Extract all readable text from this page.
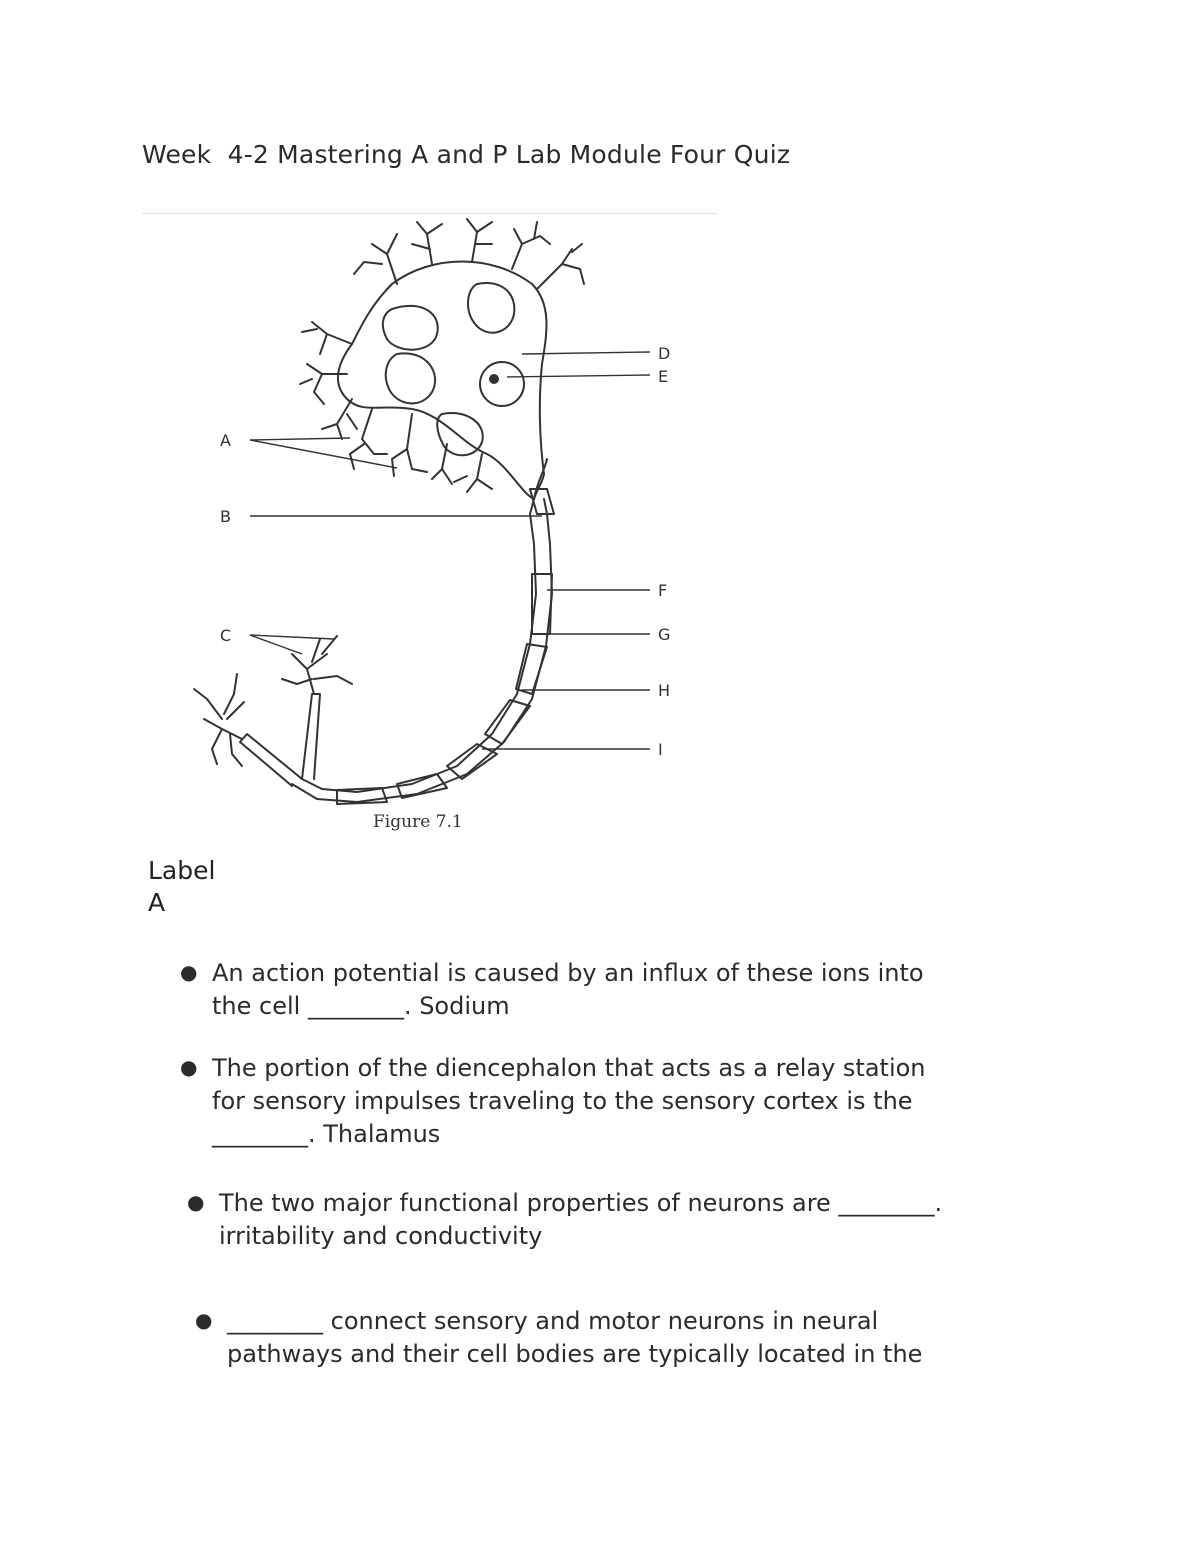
Week  4-2 Mastering A and P Lab Module Four Quiz
A
B
C
D
E
F
G
H
I
Figure 7.1
Label
A
● An action potential is caused by an influx of these ions into
the cell ________. Sodium
● The portion of the diencephalon that acts as a relay station
for sensory impulses traveling to the sensory cortex is the
________. Thalamus
● The two major functional properties of neurons are ________.
irritability and conductivity
● ________ connect sensory and motor neurons in neural
pathways and their cell bodies are typically located in the
